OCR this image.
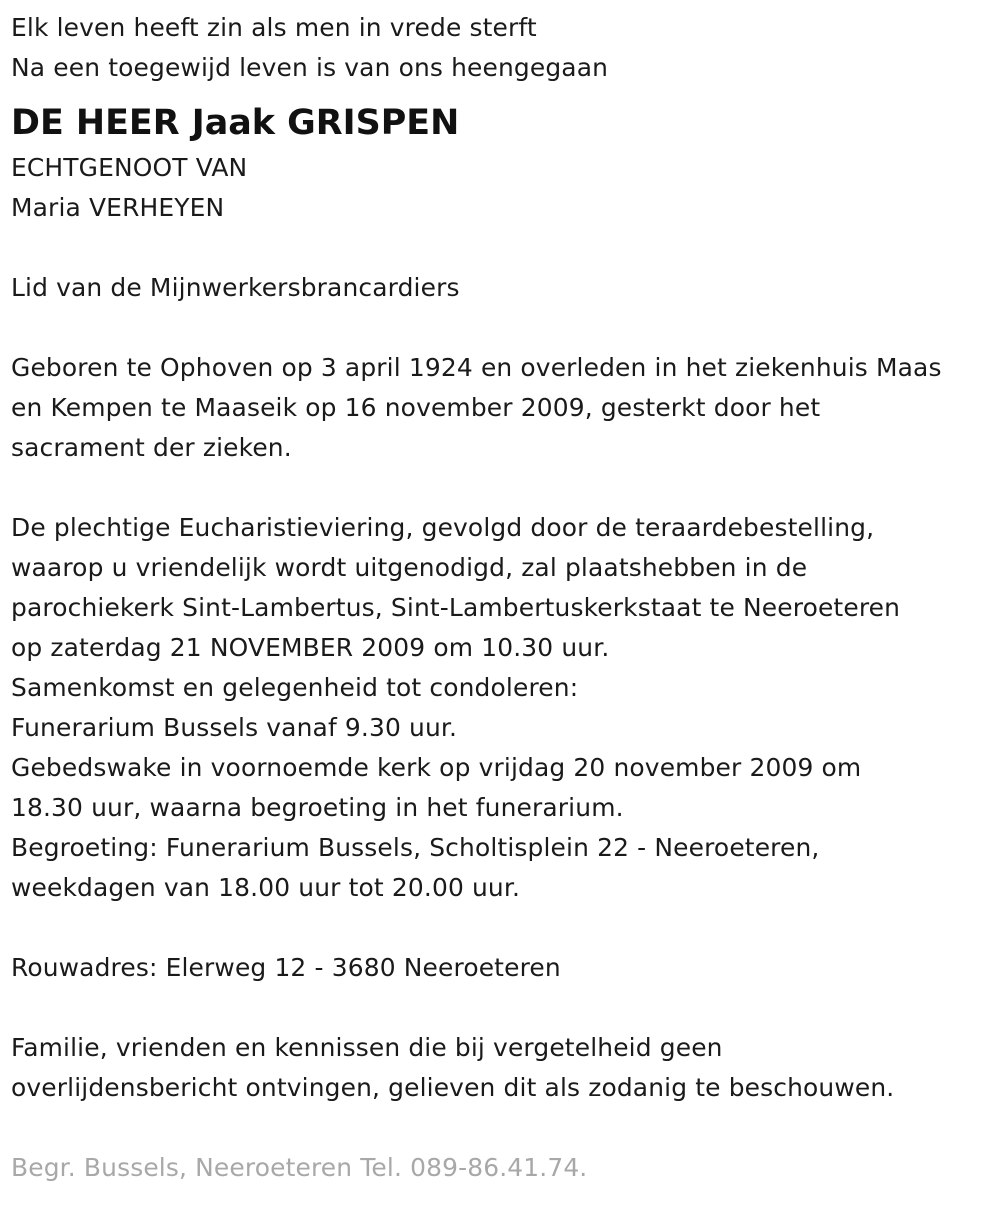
Elk leven heeft zin als men in vrede sterft
Na een toegewijd leven is van ons heengegaan
DE HEER Jaak GRISPEN
ECHTGENOOT VAN
Maria VERHEYEN
Lid van de Mijnwerkersbrancardiers
Geboren te Ophoven op 3 april 1924 en overleden in het ziekenhuis Maas
en Kempen te Maaseik op 16 november 2009, gesterkt door het
sacrament der zieken.
De plechtige Eucharistieviering, gevolgd door de teraardebestelling,
waarop u vriendelijk wordt uitgenodigd, zal plaatshebben in de
parochiekerk Sint-Lambertus, Sint-Lambertuskerkstaat te Neeroeteren
op zaterdag 21 NOVEMBER 2009 om 10.30 uur.
Samenkomst en gelegenheid tot condoleren:
Funerarium Bussels vanaf 9.30 uur.
Gebedswake in voornoemde kerk op vrijdag 20 november 2009 om
18.30 uur, waarna begroeting in het funerarium.
Begroeting: Funerarium Bussels, Scholtisplein 22 - Neeroeteren,
weekdagen van 18.00 uur tot 20.00 uur.
Rouwadres: Elerweg 12 - 3680 Neeroeteren
Familie, vrienden en kennissen die bij vergetelheid geen
overlijdensbericht ontvingen, gelieven dit als zodanig te beschouwen.
Begr. Bussels, Neeroeteren Tel. 089-86.41.74.
